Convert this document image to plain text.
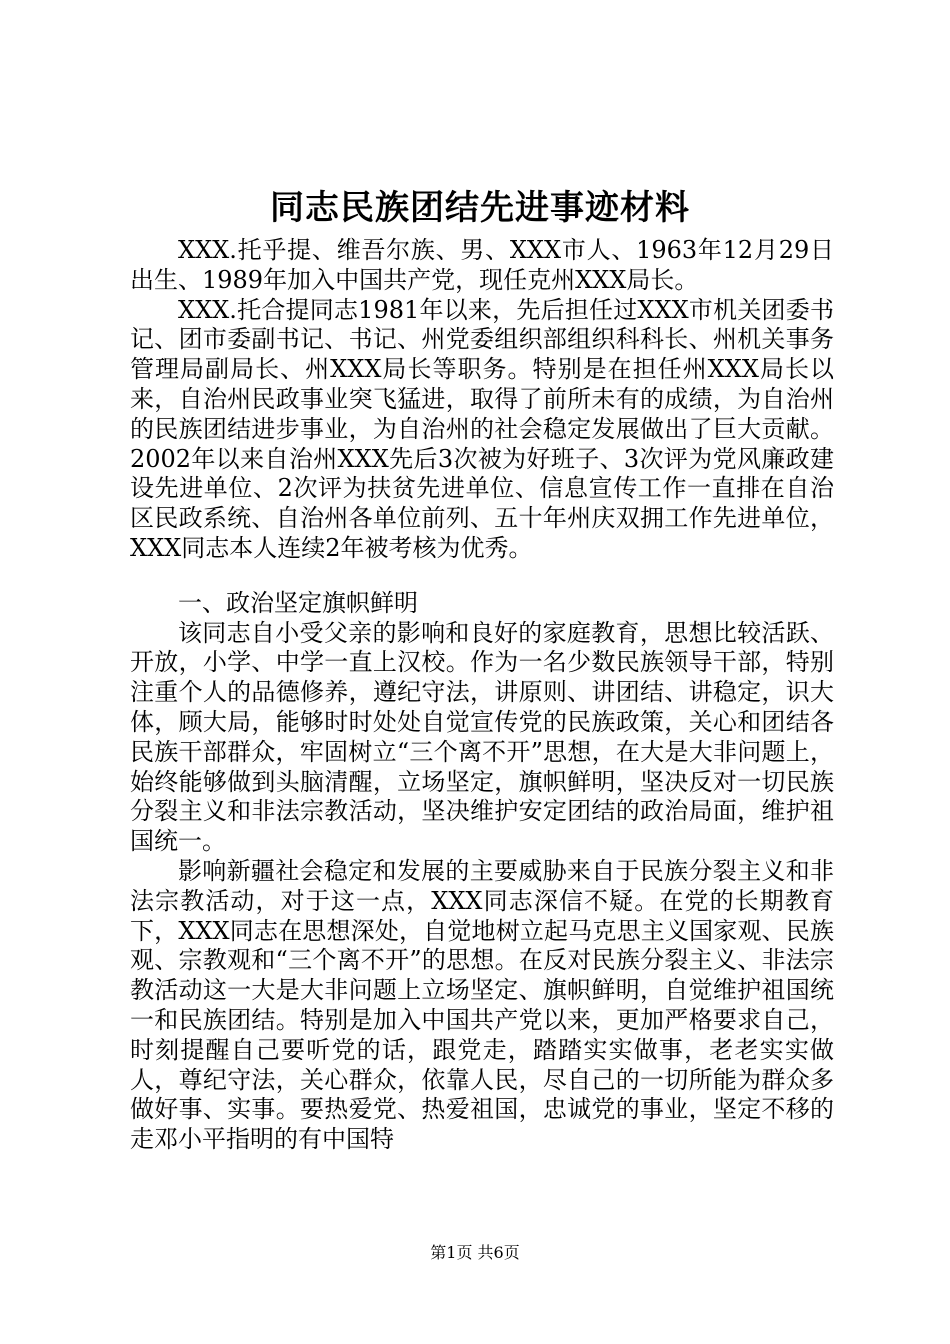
同志民族团结先进事迹材料

XXX.托乎提、维吾尔族、男、XXX市人、1963年12月29日出生、1989年加入中国共产党，现任克州XXX局长。

XXX.托合提同志1981年以来，先后担任过XXX市机关团委书记、团市委副书记、书记、州党委组织部组织科科长、州机关事务管理局副局长、州XXX局长等职务。特别是在担任州XXX局长以来，自治州民政事业突飞猛进，取得了前所未有的成绩，为自治州的民族团结进步事业，为自治州的社会稳定发展做出了巨大贡献。2002年以来自治州XXX先后3次被为好班子、3次评为党风廉政建设先进单位、2次评为扶贫先进单位、信息宣传工作一直排在自治区民政系统、自治州各单位前列、五十年州庆双拥工作先进单位，XXX同志本人连续2年被考核为优秀。

一、政治坚定旗帜鲜明

该同志自小受父亲的影响和良好的家庭教育，思想比较活跃、开放，小学、中学一直上汉校。作为一名少数民族领导干部，特别注重个人的品德修养，遵纪守法，讲原则、讲团结、讲稳定，识大体，顾大局，能够时时处处自觉宣传党的民族政策，关心和团结各民族干部群众，牢固树立“三个离不开”思想，在大是大非问题上，始终能够做到头脑清醒，立场坚定，旗帜鲜明，坚决反对一切民族分裂主义和非法宗教活动，坚决维护安定团结的政治局面，维护祖国统一。

影响新疆社会稳定和发展的主要威胁来自于民族分裂主义和非法宗教活动，对于这一点，XXX同志深信不疑。在党的长期教育下，XXX同志在思想深处，自觉地树立起马克思主义国家观、民族观、宗教观和“三个离不开”的思想。在反对民族分裂主义、非法宗教活动这一大是大非问题上立场坚定、旗帜鲜明，自觉维护祖国统一和民族团结。特别是加入中国共产党以来，更加严格要求自己，时刻提醒自己要听党的话，跟党走，踏踏实实做事，老老实实做人，尊纪守法，关心群众，依靠人民，尽自己的一切所能为群众多做好事、实事。要热爱党、热爱祖国，忠诚党的事业，坚定不移的走邓小平指明的有中国特

第1页 共6页
